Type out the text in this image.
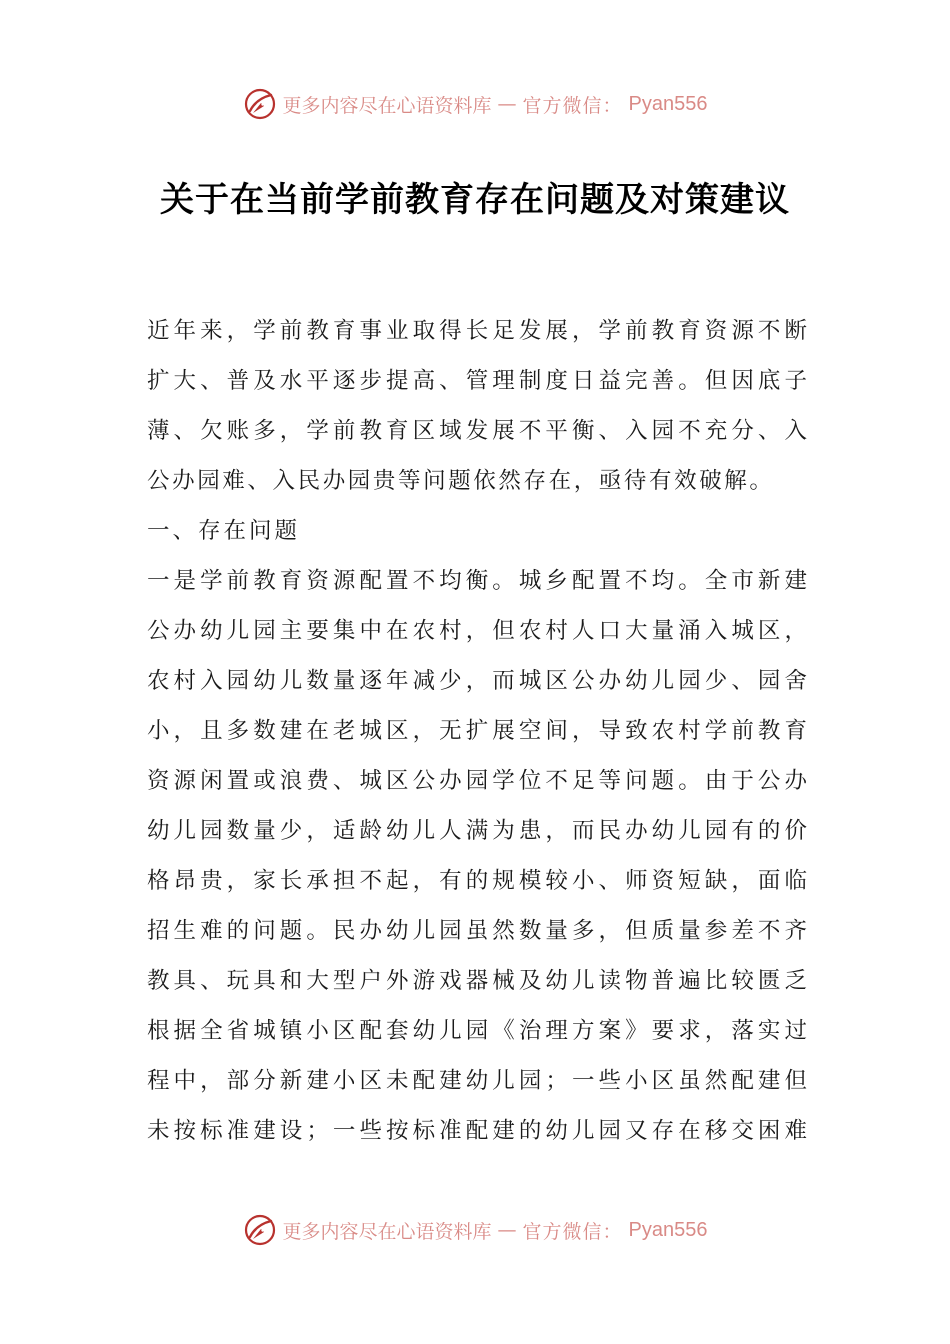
更多内容尽在心语资料库 — 官方微信： Pyan556
关于在当前学前教育存在问题及对策建议
近年来，学前教育事业取得长足发展，学前教育资源不断
扩大、普及水平逐步提高、管理制度日益完善。但因底子
薄、欠账多，学前教育区域发展不平衡、入园不充分、入
公办园难、入民办园贵等问题依然存在，亟待有效破解。
一、存在问题
一是学前教育资源配置不均衡。城乡配置不均。全市新建
公办幼儿园主要集中在农村，但农村人口大量涌入城区，
农村入园幼儿数量逐年减少，而城区公办幼儿园少、园舍
小，且多数建在老城区，无扩展空间，导致农村学前教育
资源闲置或浪费、城区公办园学位不足等问题。由于公办
幼儿园数量少，适龄幼儿人满为患，而民办幼儿园有的价
格昂贵，家长承担不起，有的规模较小、师资短缺，面临
招生难的问题。民办幼儿园虽然数量多，但质量参差不齐
教具、玩具和大型户外游戏器械及幼儿读物普遍比较匮乏
根据全省城镇小区配套幼儿园《治理方案》要求，落实过
程中，部分新建小区未配建幼儿园；一些小区虽然配建但
未按标准建设；一些按标准配建的幼儿园又存在移交困难
更多内容尽在心语资料库 — 官方微信： Pyan556
